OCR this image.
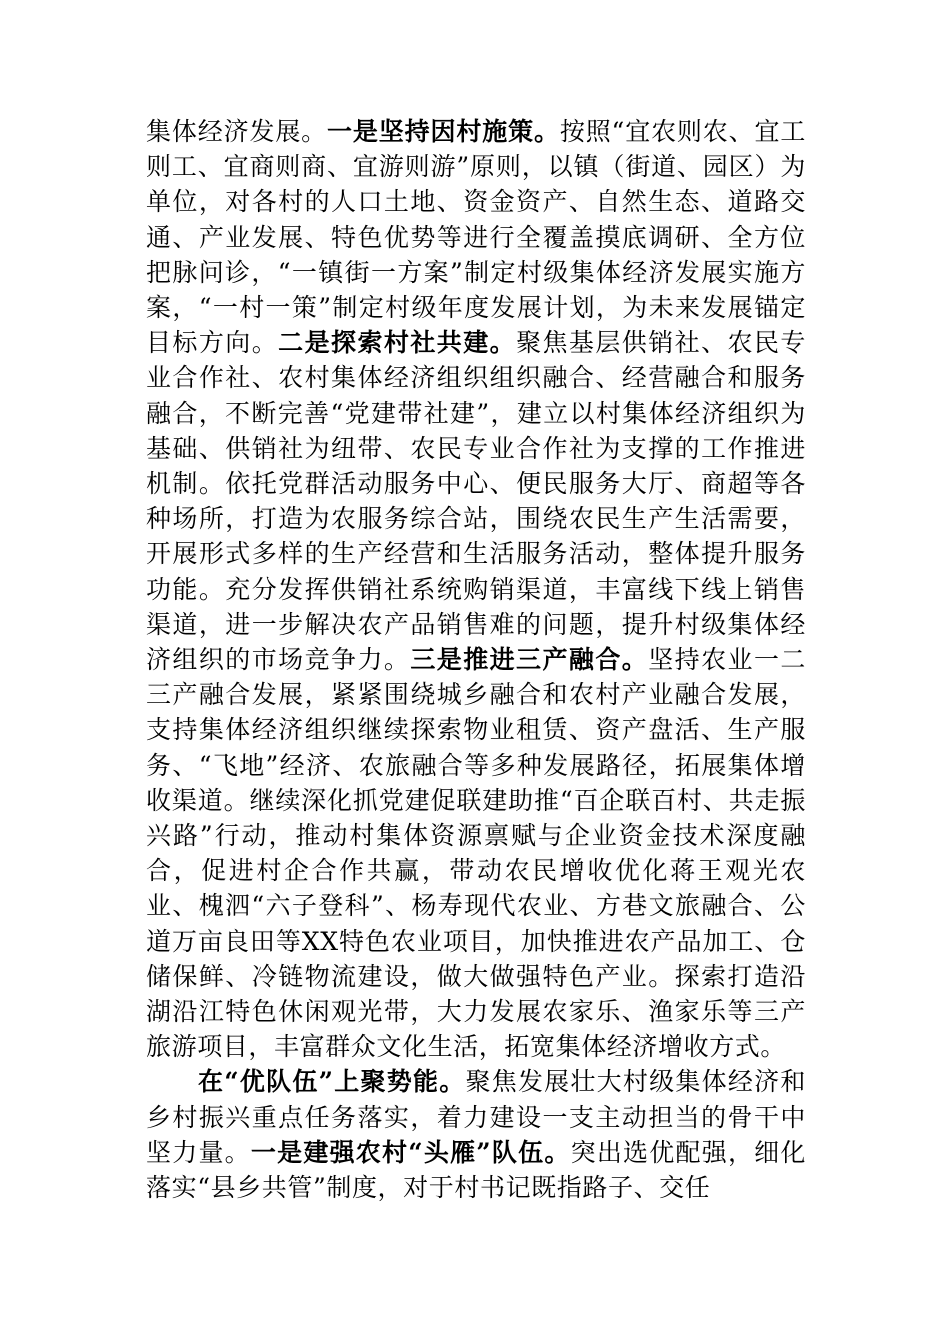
集体经济发展。一是坚持因村施策。按照“宜农则农、宜工则工、宜商则商、宜游则游”原则，以镇（街道、园区）为单位，对各村的人口土地、资金资产、自然生态、道路交通、产业发展、特色优势等进行全覆盖摸底调研、全方位把脉问诊，“一镇街一方案”制定村级集体经济发展实施方案，“一村一策”制定村级年度发展计划，为未来发展锚定目标方向。二是探索村社共建。聚焦基层供销社、农民专业合作社、农村集体经济组织组织融合、经营融合和服务融合，不断完善“党建带社建”，建立以村集体经济组织为基础、供销社为纽带、农民专业合作社为支撑的工作推进机制。依托党群活动服务中心、便民服务大厅、商超等各种场所，打造为农服务综合站，围绕农民生产生活需要，开展形式多样的生产经营和生活服务活动，整体提升服务功能。充分发挥供销社系统购销渠道，丰富线下线上销售渠道，进一步解决农产品销售难的问题，提升村级集体经济组织的市场竞争力。三是推进三产融合。坚持农业一二三产融合发展，紧紧围绕城乡融合和农村产业融合发展，支持集体经济组织继续探索物业租赁、资产盘活、生产服务、“飞地”经济、农旅融合等多种发展路径，拓展集体增收渠道。继续深化抓党建促联建助推“百企联百村、共走振兴路”行动，推动村集体资源禀赋与企业资金技术深度融合，促进村企合作共赢，带动农民增收优化蒋王观光农业、槐泗“六子登科”、杨寿现代农业、方巷文旅融合、公道万亩良田等XX特色农业项目，加快推进农产品加工、仓储保鲜、冷链物流建设，做大做强特色产业。探索打造沿湖沿江特色休闲观光带，大力发展农家乐、渔家乐等三产旅游项目，丰富群众文化生活，拓宽集体经济增收方式。

在“优队伍”上聚势能。聚焦发展壮大村级集体经济和乡村振兴重点任务落实，着力建设一支主动担当的骨干中坚力量。一是建强农村“头雁”队伍。突出选优配强，细化落实“县乡共管”制度，对于村书记既指路子、交任
